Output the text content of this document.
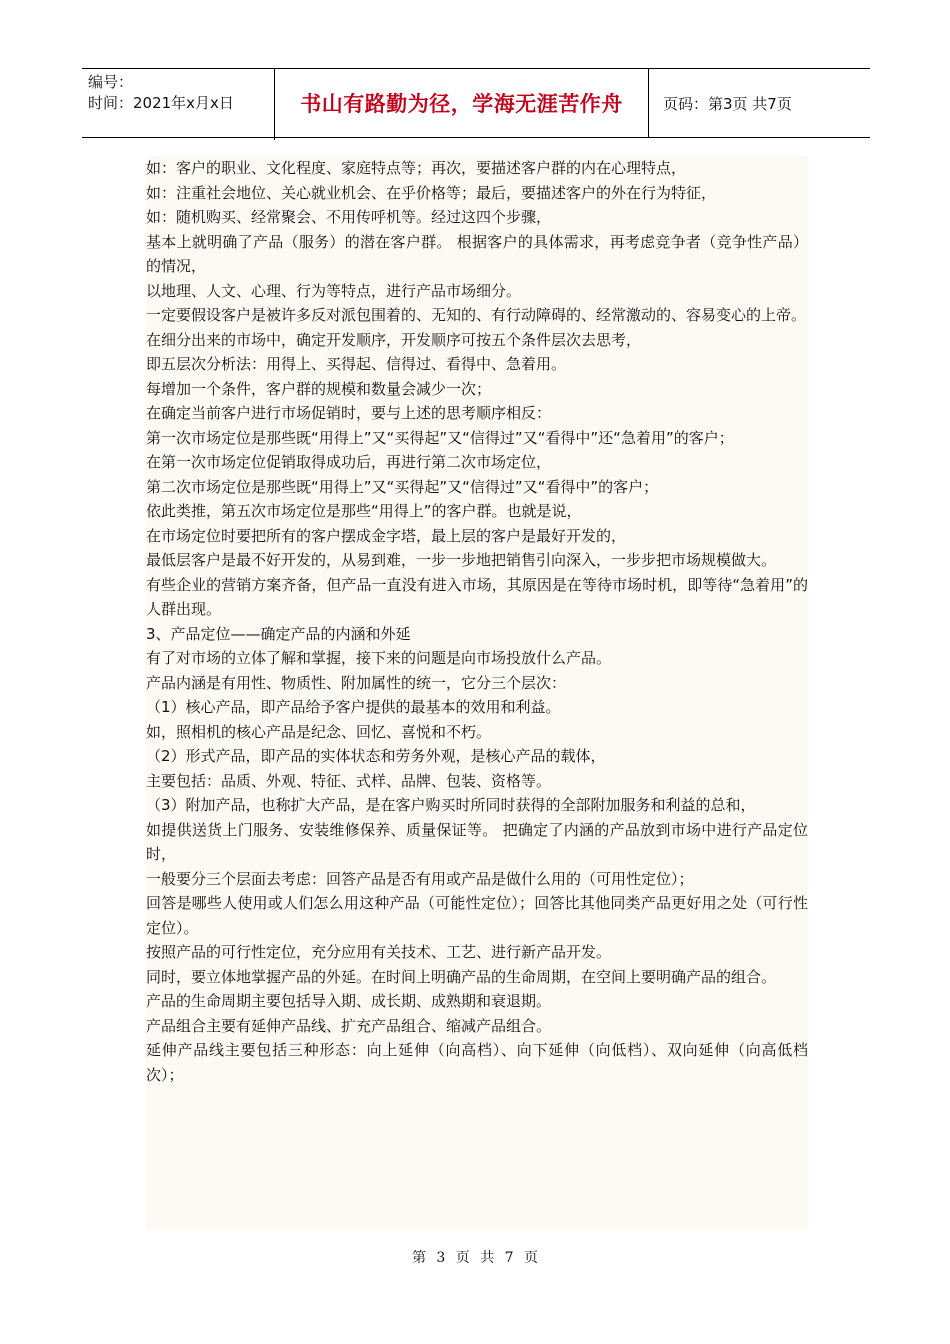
编号：
时间：2021年x月x日	书山有路勤为径，学海无涯苦作舟	页码：第3页 共7页

如：客户的职业、文化程度、家庭特点等；再次，要描述客户群的内在心理特点，

如：注重社会地位、关心就业机会、在乎价格等；最后，要描述客户的外在行为特征，

如：随机购买、经常聚会、不用传呼机等。经过这四个步骤，

基本上就明确了产品（服务）的潜在客户群。 根据客户的具体需求，再考虑竞争者（竞争性产品）的情况，

以地理、人文、心理、行为等特点，进行产品市场细分。

一定要假设客户是被许多反对派包围着的、无知的、有行动障碍的、经常激动的、容易变心的上帝。

在细分出来的市场中，确定开发顺序，开发顺序可按五个条件层次去思考，

即五层次分析法：用得上、买得起、信得过、看得中、急着用。

每增加一个条件，客户群的规模和数量会减少一次；

在确定当前客户进行市场促销时，要与上述的思考顺序相反：

第一次市场定位是那些既“用得上”又“买得起”又“信得过”又“看得中”还“急着用”的客户；

在第一次市场定位促销取得成功后，再进行第二次市场定位，

第二次市场定位是那些既“用得上”又“买得起”又“信得过”又“看得中”的客户；

依此类推，第五次市场定位是那些“用得上”的客户群。也就是说，

在市场定位时要把所有的客户摆成金字塔，最上层的客户是最好开发的，

最低层客户是最不好开发的，从易到难，一步一步地把销售引向深入，一步步把市场规模做大。

有些企业的营销方案齐备，但产品一直没有进入市场，其原因是在等待市场时机，即等待“急着用”的人群出现。

3、产品定位——确定产品的内涵和外延

有了对市场的立体了解和掌握，接下来的问题是向市场投放什么产品。

产品内涵是有用性、物质性、附加属性的统一，它分三个层次：

（1）核心产品，即产品给予客户提供的最基本的效用和利益。

如，照相机的核心产品是纪念、回忆、喜悦和不朽。

（2）形式产品，即产品的实体状态和劳务外观，是核心产品的载体，

主要包括：品质、外观、特征、式样、品牌、包装、资格等。

（3）附加产品，也称扩大产品，是在客户购买时所同时获得的全部附加服务和利益的总和，

如提供送货上门服务、安装维修保养、质量保证等。 把确定了内涵的产品放到市场中进行产品定位时，

一般要分三个层面去考虑：回答产品是否有用或产品是做什么用的（可用性定位）；

回答是哪些人使用或人们怎么用这种产品（可能性定位）；回答比其他同类产品更好用之处（可行性定位）。

按照产品的可行性定位，充分应用有关技术、工艺、进行新产品开发。

同时，要立体地掌握产品的外延。在时间上明确产品的生命周期，在空间上要明确产品的组合。

产品的生命周期主要包括导入期、成长期、成熟期和衰退期。

产品组合主要有延伸产品线、扩充产品组合、缩减产品组合。

延伸产品线主要包括三种形态：向上延伸（向高档）、向下延伸（向低档）、双向延伸（向高低档次）；

第 3 页 共 7 页
